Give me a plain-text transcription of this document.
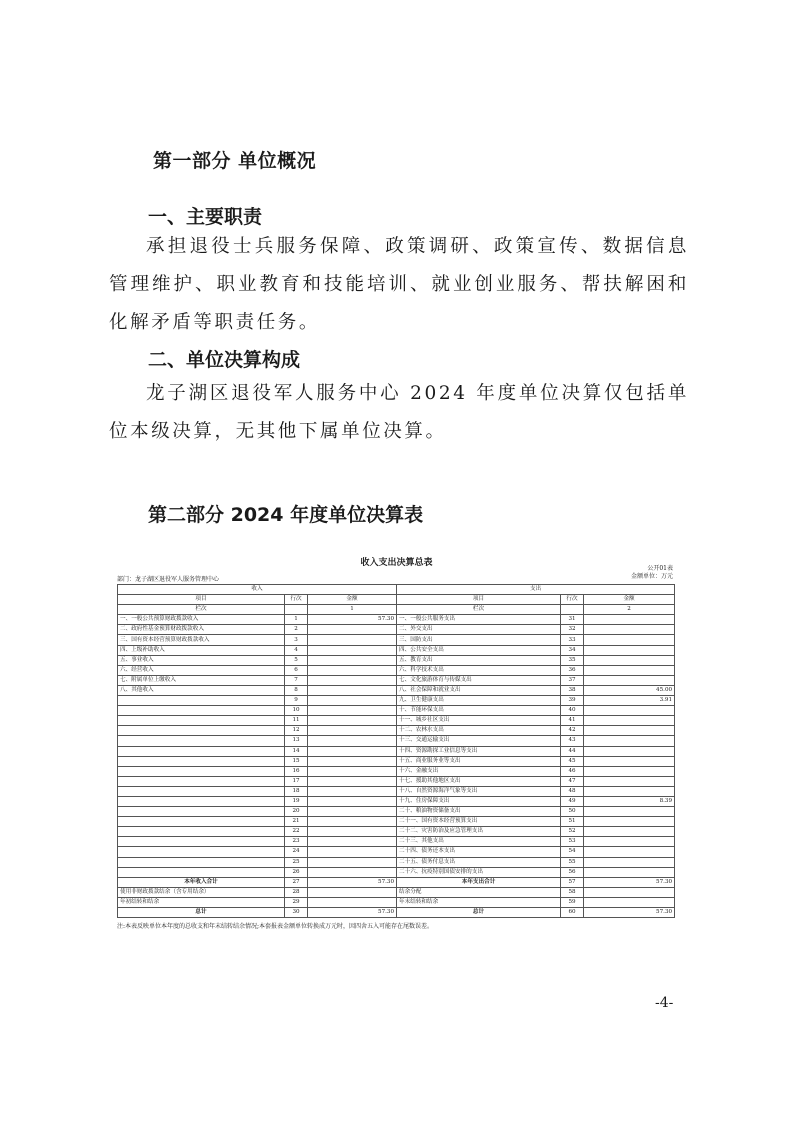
第一部分 单位概况
一、主要职责
承担退役士兵服务保障、政策调研、政策宣传、数据信息管理维护、职业教育和技能培训、就业创业服务、帮扶解困和化解矛盾等职责任务。
二、单位决算构成
龙子湖区退役军人服务中心 2024 年度单位决算仅包括单位本级决算，无其他下属单位决算。
第二部分 2024 年度单位决算表
收入支出决算总表
公开01表
金额单位：万元
部门：龙子湖区退役军人服务管理中心
收入			支出		
项目	行次	金额	项目	行次	金额
栏次		1	栏次		2
一、一般公共预算财政拨款收入	1	57.30	一、一般公共服务支出	31	
二、政府性基金预算财政拨款收入	2		二、外交支出	32	
三、国有资本经营预算财政拨款收入	3		三、国防支出	33	
四、上级补助收入	4		四、公共安全支出	34	
五、事业收入	5		五、教育支出	35	
六、经营收入	6		六、科学技术支出	36	
七、附属单位上缴收入	7		七、文化旅游体育与传媒支出	37	
八、其他收入	8		八、社会保障和就业支出	38	45.00
	9		九、卫生健康支出	39	3.91
	10		十、节能环保支出	40	
	11		十一、城乡社区支出	41	
	12		十二、农林水支出	42	
	13		十三、交通运输支出	43	
	14		十四、资源勘探工业信息等支出	44	
	15		十五、商业服务业等支出	45	
	16		十六、金融支出	46	
	17		十七、援助其他地区支出	47	
	18		十八、自然资源海洋气象等支出	48	
	19		十九、住房保障支出	49	8.39
	20		二十、粮油物资储备支出	50	
	21		二十一、国有资本经营预算支出	51	
	22		二十二、灾害防治及应急管理支出	52	
	23		二十三、其他支出	53	
	24		二十四、债务还本支出	54	
	25		二十五、债务付息支出	55	
	26		二十六、抗疫特别国债安排的支出	56	
本年收入合计	27	57.30	本年支出合计	57	57.30
使用非财政拨款结余（含专用结余）	28		结余分配	58	
年初结转和结余	29		年末结转和结余	59	
总计	30	57.30	总计	60	57.30
注:本表反映单位本年度的总收支和年末结转结余情况;本套报表金额单位转换成万元时，因四舍五入可能存在尾数误差。
-4-
